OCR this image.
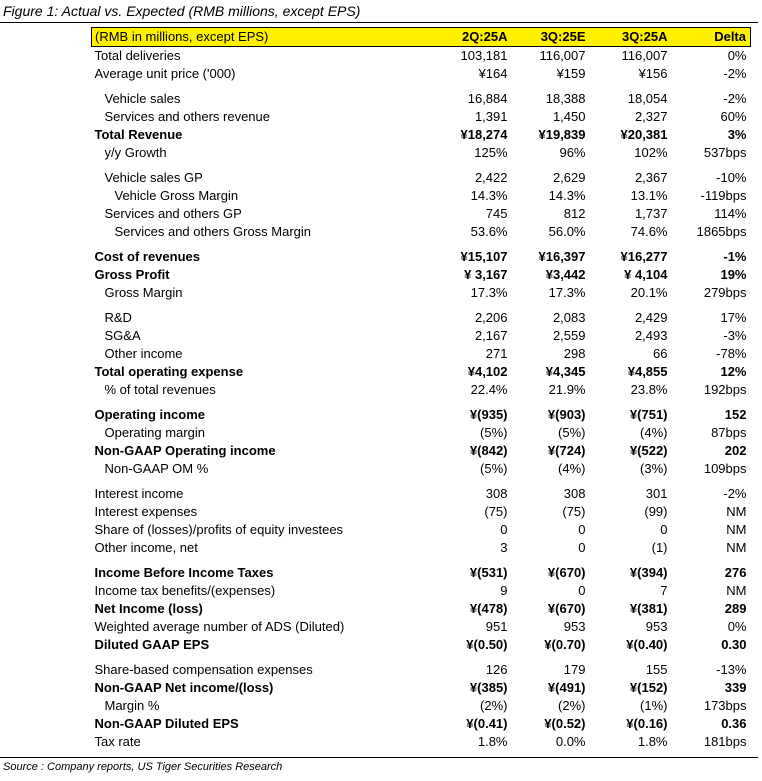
Figure 1: Actual vs. Expected (RMB millions, except EPS)
(RMB in millions, except EPS)	2Q:25A	3Q:25E	3Q:25A	Delta
Total deliveries	103,181	116,007	116,007	0%
Average unit price ('000)	¥164	¥159	¥156	-2%

Vehicle sales	16,884	18,388	18,054	-2%
Services and others revenue	1,391	1,450	2,327	60%
Total Revenue	¥18,274	¥19,839	¥20,381	3%
y/y Growth	125%	96%	102%	537bps

Vehicle sales GP	2,422	2,629	2,367	-10%
Vehicle Gross Margin	14.3%	14.3%	13.1%	-119bps
Services and others GP	745	812	1,737	114%
Services and others Gross Margin	53.6%	56.0%	74.6%	1865bps

Cost of revenues	¥15,107	¥16,397	¥16,277	-1%
Gross Profit	¥ 3,167	¥3,442	¥ 4,104	19%
Gross Margin	17.3%	17.3%	20.1%	279bps

R&D	2,206	2,083	2,429	17%
SG&A	2,167	2,559	2,493	-3%
Other income	271	298	66	-78%
Total operating expense	¥4,102	¥4,345	¥4,855	12%
% of total revenues	22.4%	21.9%	23.8%	192bps

Operating income	¥(935)	¥(903)	¥(751)	152
Operating margin	(5%)	(5%)	(4%)	87bps
Non-GAAP Operating income	¥(842)	¥(724)	¥(522)	202
Non-GAAP OM %	(5%)	(4%)	(3%)	109bps

Interest income	308	308	301	-2%
Interest expenses	(75)	(75)	(99)	NM
Share of (losses)/profits of equity investees	0	0	0	NM
Other income, net	3	0	(1)	NM

Income Before Income Taxes	¥(531)	¥(670)	¥(394)	276
Income tax benefits/(expenses)	9	0	7	NM
Net Income (loss)	¥(478)	¥(670)	¥(381)	289
Weighted average number of ADS (Diluted)	951	953	953	0%
Diluted GAAP EPS	¥(0.50)	¥(0.70)	¥(0.40)	0.30

Share-based compensation expenses	126	179	155	-13%
Non-GAAP Net income/(loss)	¥(385)	¥(491)	¥(152)	339
Margin %	(2%)	(2%)	(1%)	173bps
Non-GAAP Diluted EPS	¥(0.41)	¥(0.52)	¥(0.16)	0.36
Tax rate	1.8%	0.0%	1.8%	181bps
Source : Company reports, US Tiger Securities Research
